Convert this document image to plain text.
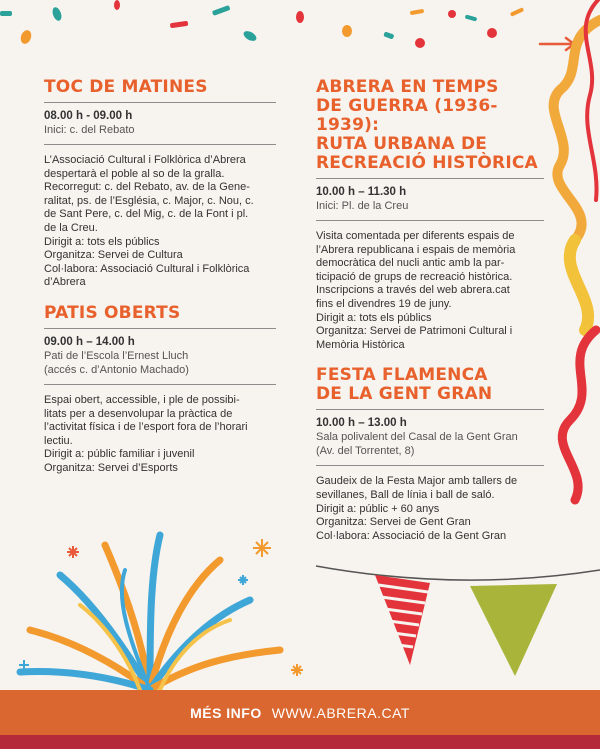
TOC DE MATINES
08.00 h - 09.00 h
Inici: c. del Rebato
L’Associació Cultural i Folklòrica d’Abrera
despertarà el poble al so de la gralla.
Recorregut: c. del Rebato, av. de la Gene-
ralitat, ps. de l’Església, c. Major, c. Nou, c.
de Sant Pere, c. del Mig, c. de la Font i pl.
de la Creu.
Dirigit a: tots els públics
Organitza: Servei de Cultura
Col·labora: Associació Cultural i Folklòrica
d’Abrera
PATIS OBERTS
09.00 h – 14.00 h
Pati de l’Escola l’Ernest Lluch
(accés c. d’Antonio Machado)
Espai obert, accessible, i ple de possibi-
litats per a desenvolupar la pràctica de
l’activitat física i de l’esport fora de l’horari
lectiu.
Dirigit a: públic familiar i juvenil
Organitza: Servei d’Esports
ABRERA EN TEMPS
DE GUERRA (1936-1939):
RUTA URBANA DE
RECREACIÓ HISTÒRICA
10.00 h – 11.30 h
Inici: Pl. de la Creu
Visita comentada per diferents espais de
l’Abrera republicana i espais de memòria
democràtica del nucli antic amb la par-
ticipació de grups de recreació històrica.
Inscripcions a través del web abrera.cat
fins el divendres 19 de juny.
Dirigit a: tots els públics
Organitza: Servei de Patrimoni Cultural i
Memòria Històrica
FESTA FLAMENCA
DE LA GENT GRAN
10.00 h – 13.00 h
Sala polivalent del Casal de la Gent Gran
(Av. del Torrentet, 8)
Gaudeix de la Festa Major amb tallers de
sevillanes, Ball de línia i ball de saló.
Dirigit a: públic + 60 anys
Organitza: Servei de Gent Gran
Col·labora: Associació de la Gent Gran
MÉS INFO WWW.ABRERA.CAT
